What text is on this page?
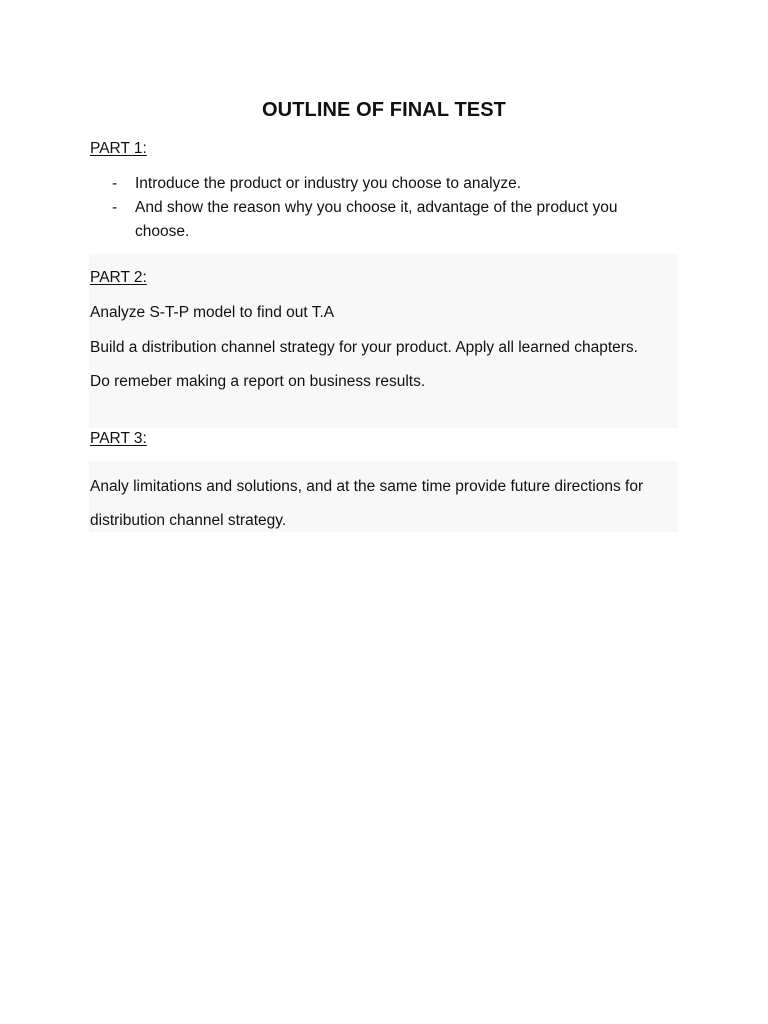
OUTLINE OF FINAL TEST
PART 1:
- Introduce the product or industry you choose to analyze.
- And show the reason why you choose it, advantage of the product you choose.
PART 2:
Analyze S-T-P model to find out T.A
Build a distribution channel strategy for your product. Apply all learned chapters.
Do remeber making a report on business results.
PART 3:
Analy limitations and solutions, and at the same time provide future directions for
distribution channel strategy.
